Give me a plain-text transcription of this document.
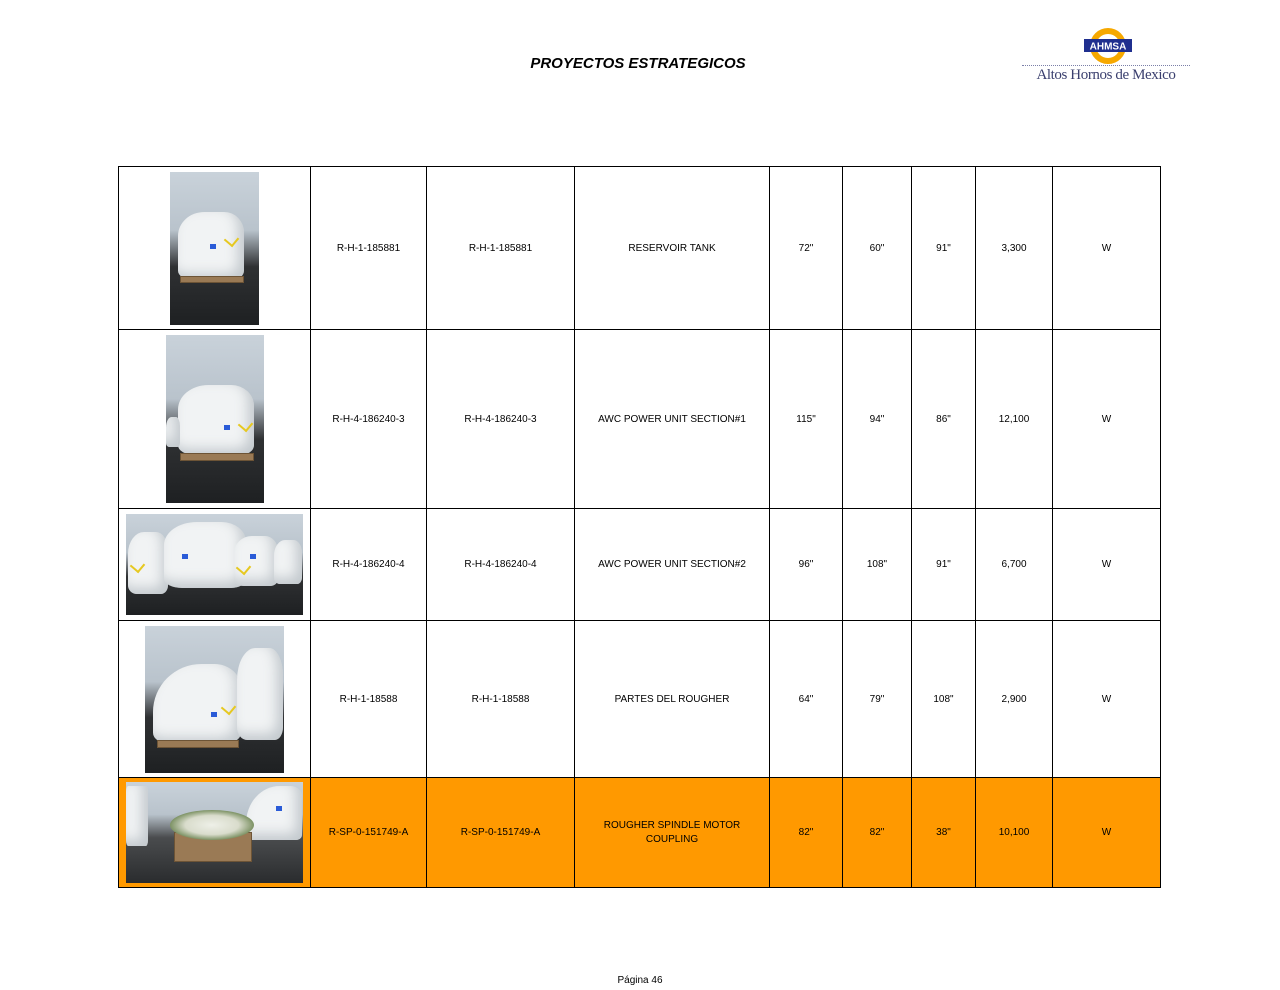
PROYECTOS ESTRATEGICOS
AHMSA
Altos Hornos de Mexico
	R-H-1-185881	R-H-1-185881	RESERVOIR TANK	72"	60"	91"	3,300	W

	R-H-4-186240-3	R-H-4-186240-3	AWC POWER UNIT SECTION#1	115"	94"	86"	12,100	W

	R-H-4-186240-4	R-H-4-186240-4	AWC POWER UNIT SECTION#2	96"	108"	91"	6,700	W

	R-H-1-18588	R-H-1-18588	PARTES DEL ROUGHER	64"	79"	108"	2,900	W

	R-SP-0-151749-A	R-SP-0-151749-A	ROUGHER SPINDLE MOTOR COUPLING	82"	82"	38"	10,100	W
Página 46
